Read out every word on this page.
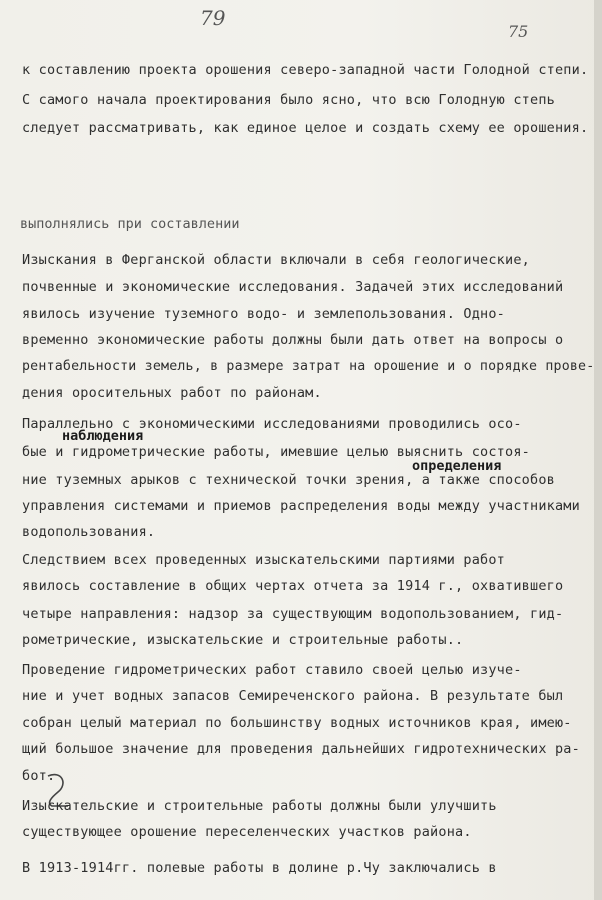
79
75
к составлению проекта орошения северо-западной части Голодной степи.
С самого начала проектирования было ясно, что всю Голодную степь
следует рассматривать, как единое целое и создать схему ее орошения.
выполнялись при составлении
Изыскания в Ферганской области включали в себя геологические,
почвенные и экономические исследования. Задачей этих исследований
явилось изучение туземного водо- и землепользования. Одно-
временно экономические работы должны были дать ответ на вопросы о
рентабельности земель, в размере затрат на орошение и о порядке прове-
дения оросительных работ по районам.
наблюдения
Параллельно с экономическими исследованиями проводились осо-
бые и гидрометрические работы, имевшие целью выяснить состоя-
определения
ние туземных арыков с технической точки зрения, а также способов
управления системами и приемов распределения воды между участниками
водопользования.
Следствием всех проведенных изыскательскими партиями работ
явилось составление в общих чертах отчета за 1914 г., охватившего
четыре направления: надзор за существующим водопользованием, гид-
рометрические, изыскательские и строительные работы..
Проведение гидрометрических работ ставило своей целью изуче-
ние и учет водных запасов Семиреченского района. В результате был
собран целый материал по большинству водных источников края, имею-
щий большое значение для проведения дальнейших гидротехнических ра-
бот.
Изыскательские и строительные работы должны были улучшить
существующее орошение переселенческих участков района.
В 1913-1914гг. полевые работы в долине р.Чу заключались в
